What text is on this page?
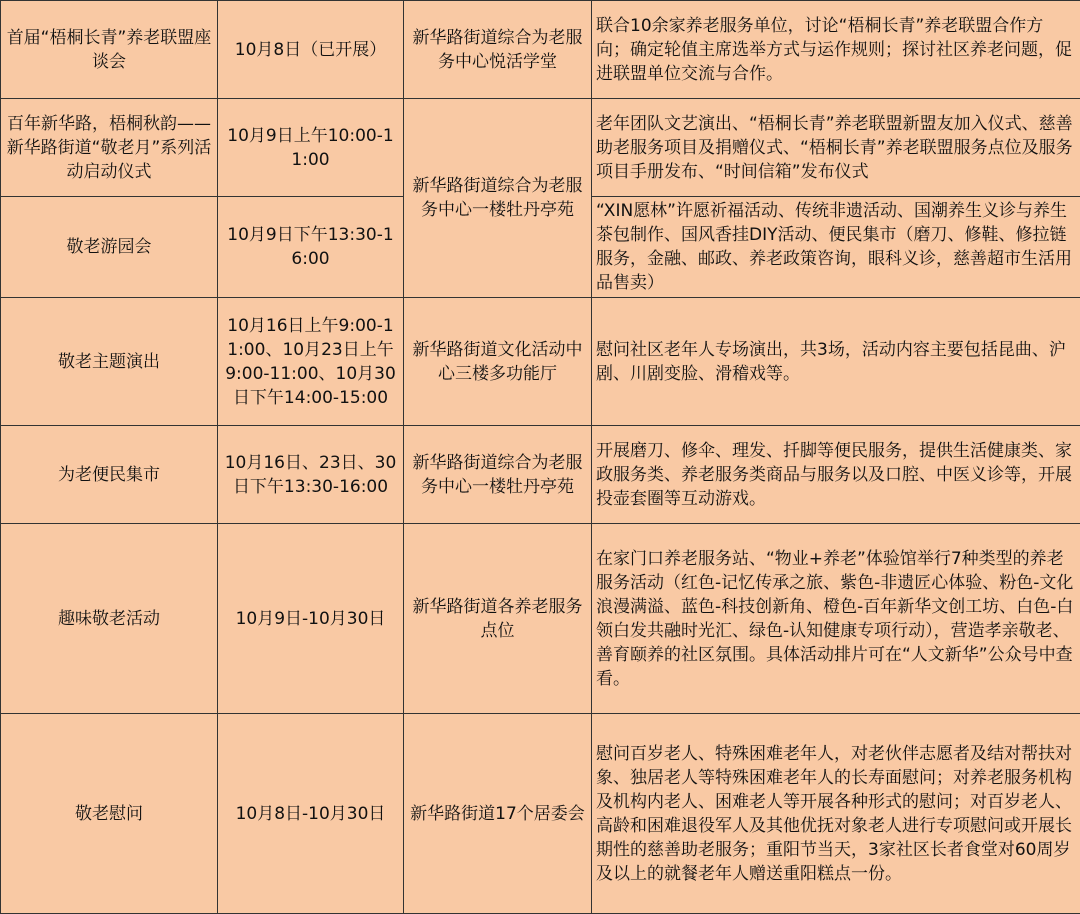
首届“梧桐长青”养老联盟座谈会	10月8日（已开展）	新华路街道综合为老服务中心悦活学堂	联合10余家养老服务单位，讨论“梧桐长青”养老联盟合作方向；确定轮值主席选举方式与运作规则；探讨社区养老问题，促进联盟单位交流与合作。
百年新华路，梧桐秋韵——新华路街道“敬老月”系列活动启动仪式	10月9日上午10:00-11:00	新华路街道综合为老服务中心一楼牡丹亭苑	老年团队文艺演出、“梧桐长青”养老联盟新盟友加入仪式、慈善助老服务项目及捐赠仪式、“梧桐长青”养老联盟服务点位及服务项目手册发布、“时间信箱”发布仪式
敬老游园会	10月9日下午13:30-16:00		“XIN愿林”许愿祈福活动、传统非遗活动、国潮养生义诊与养生茶包制作、国风香挂DIY活动、便民集市（磨刀、修鞋、修拉链服务，金融、邮政、养老政策咨询，眼科义诊，慈善超市生活用品售卖）
敬老主题演出	10月16日上午9:00-11:00、10月23日上午9:00-11:00、10月30日下午14:00-15:00	新华路街道文化活动中心三楼多功能厅	慰问社区老年人专场演出，共3场，活动内容主要包括昆曲、沪剧、川剧变脸、滑稽戏等。
为老便民集市	10月16日、23日、30日下午13:30-16:00	新华路街道综合为老服务中心一楼牡丹亭苑	开展磨刀、修伞、理发、扦脚等便民服务，提供生活健康类、家政服务类、养老服务类商品与服务以及口腔、中医义诊等，开展投壶套圈等互动游戏。
趣味敬老活动	10月9日-10月30日	新华路街道各养老服务点位	在家门口养老服务站、“物业+养老”体验馆举行7种类型的养老服务活动（红色-记忆传承之旅、紫色-非遗匠心体验、粉色-文化浪漫满溢、蓝色-科技创新角、橙色-百年新华文创工坊、白色-白领白发共融时光汇、绿色-认知健康专项行动），营造孝亲敬老、善育颐养的社区氛围。具体活动排片可在“人文新华”公众号中查看。
敬老慰问	10月8日-10月30日	新华路街道17个居委会	慰问百岁老人、特殊困难老年人，对老伙伴志愿者及结对帮扶对象、独居老人等特殊困难老年人的长寿面慰问；对养老服务机构及机构内老人、困难老人等开展各种形式的慰问；对百岁老人、高龄和困难退役军人及其他优抚对象老人进行专项慰问或开展长期性的慈善助老服务；重阳节当天，3家社区长者食堂对60周岁及以上的就餐老年人赠送重阳糕点一份。
